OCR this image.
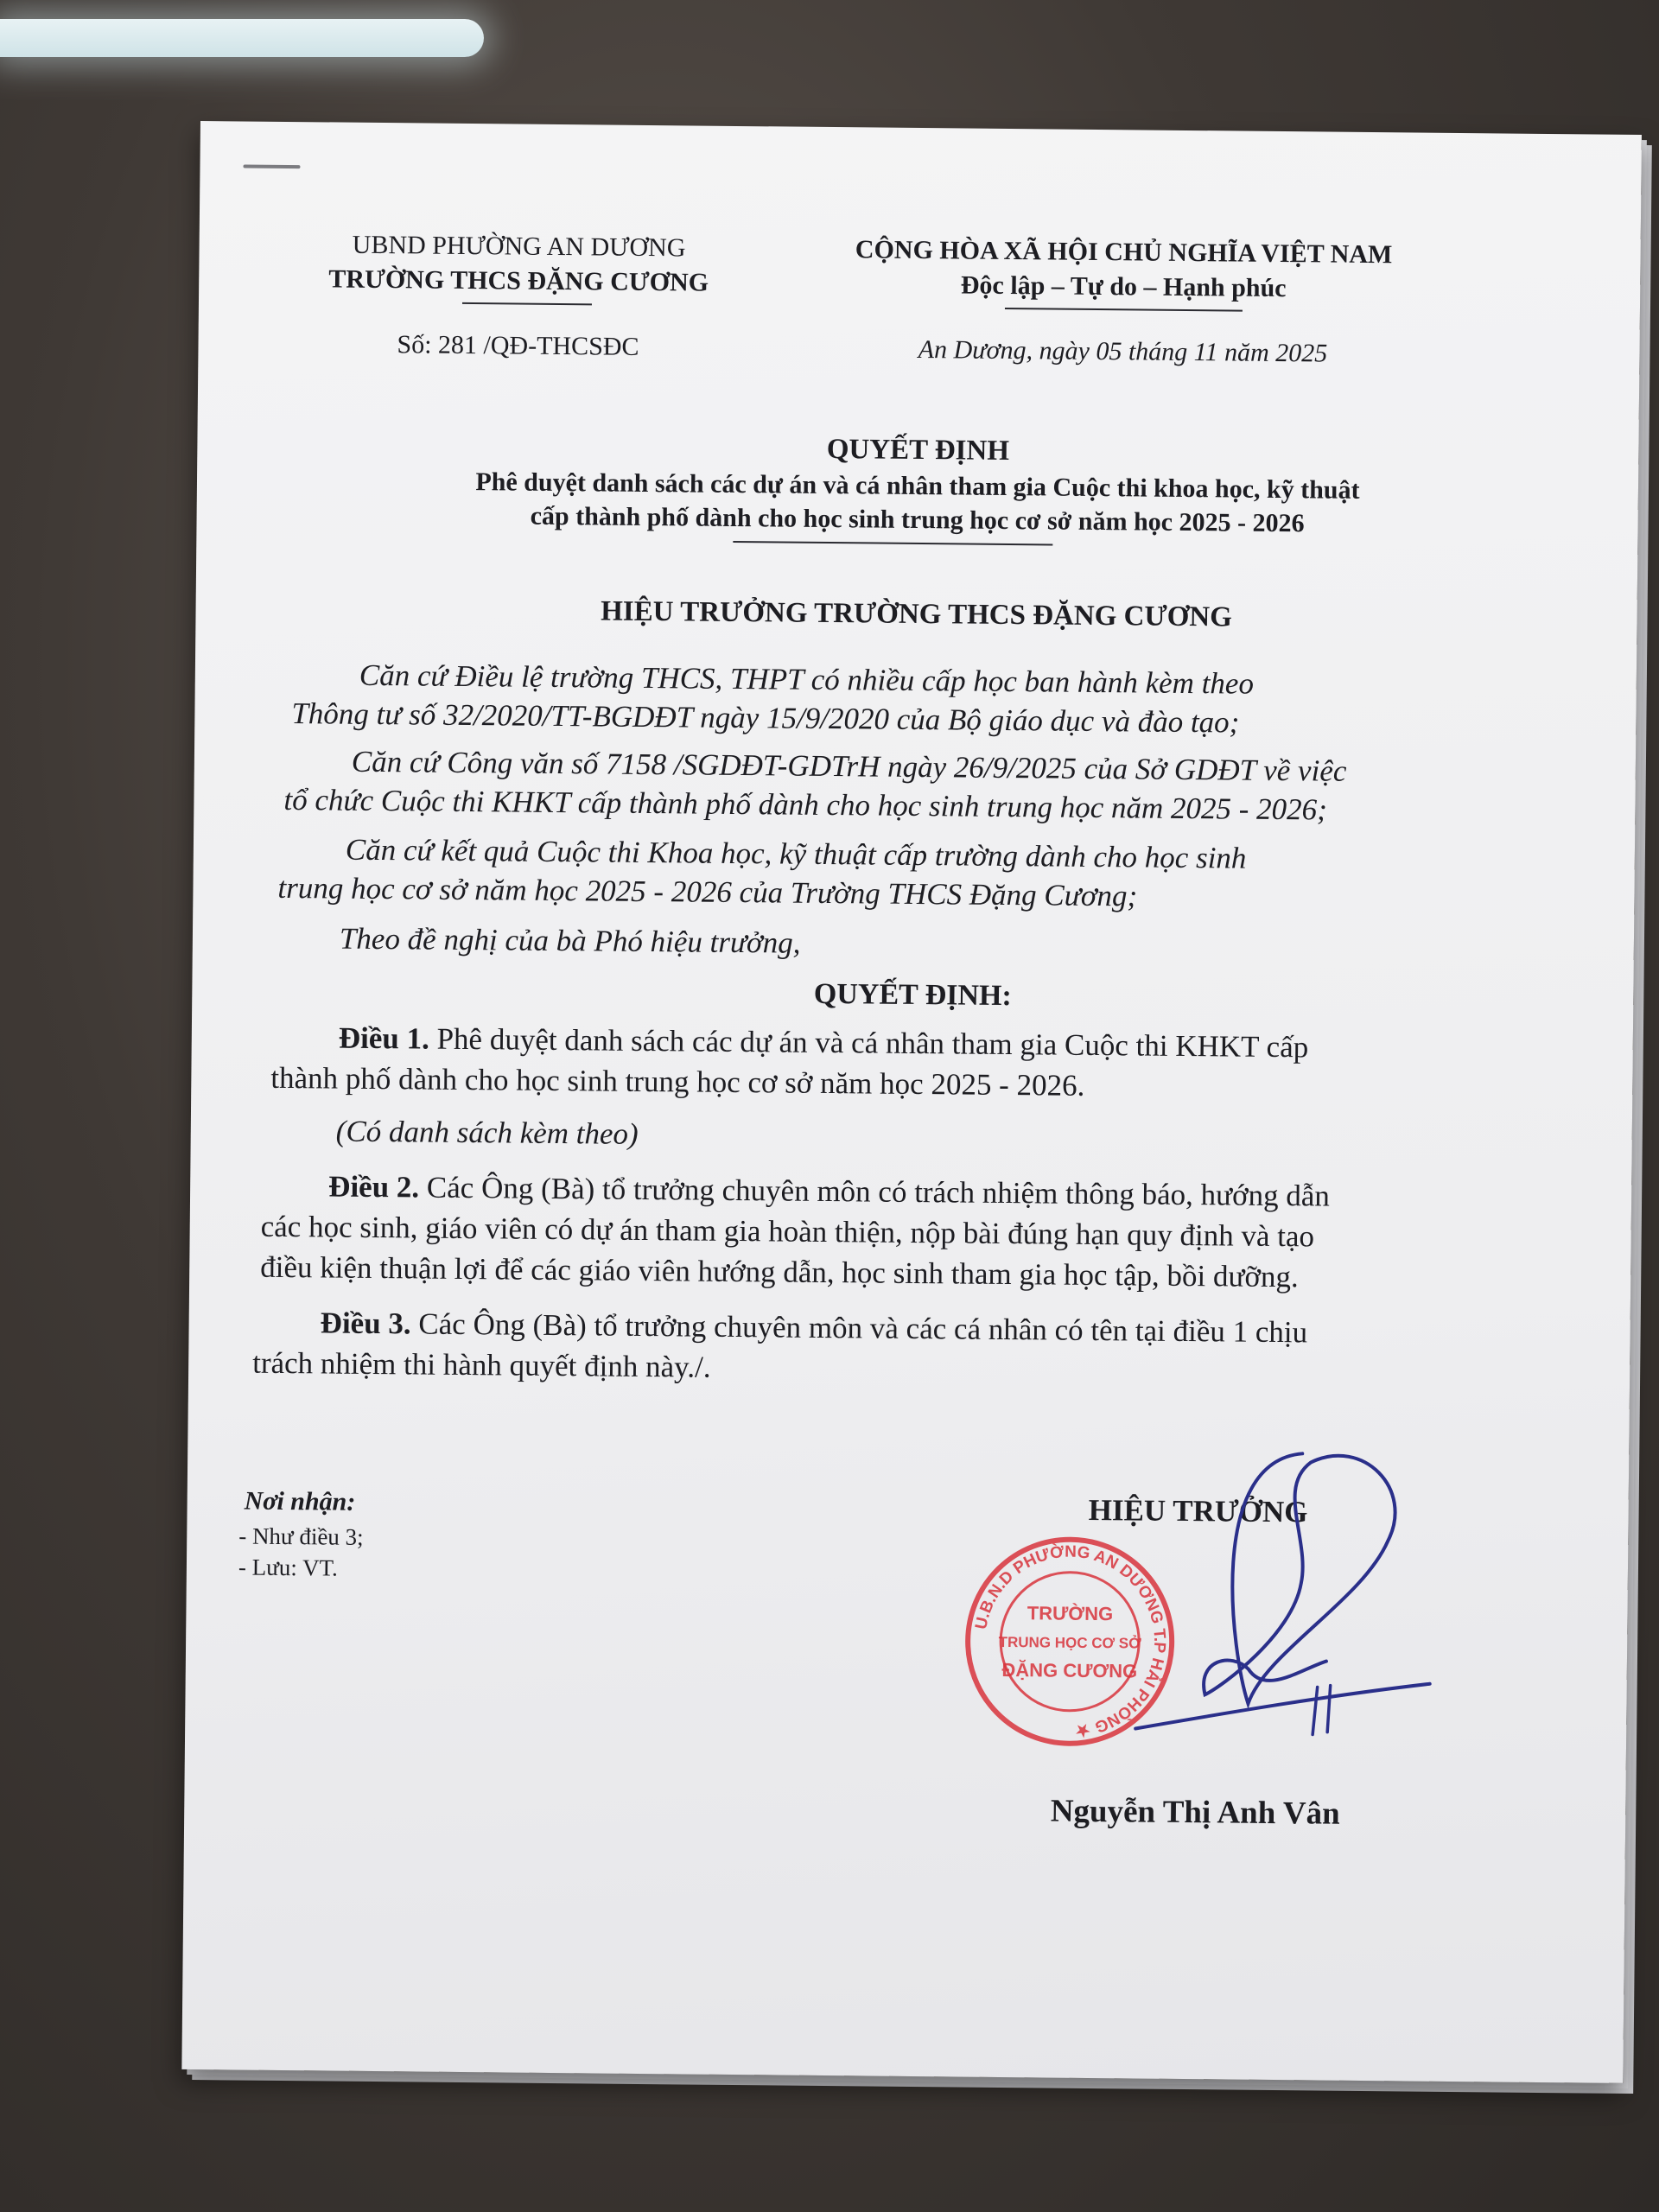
UBND PHƯỜNG AN DƯƠNG

TRƯỜNG THCS ĐẶNG CƯƠNG

Số: 281 /QĐ-THCSĐC

CỘNG HÒA XÃ HỘI CHỦ NGHĨA VIỆT NAM

Độc lập – Tự do – Hạnh phúc

An Dương, ngày 05 tháng 11 năm 2025

QUYẾT ĐỊNH

Phê duyệt danh sách các dự án và cá nhân tham gia Cuộc thi khoa học, kỹ thuật

cấp thành phố dành cho học sinh trung học cơ sở năm học 2025 - 2026

HIỆU TRƯỞNG TRƯỜNG THCS ĐẶNG CƯƠNG

Căn cứ Điều lệ trường THCS, THPT có nhiều cấp học ban hành kèm theo

Thông tư số 32/2020/TT-BGDĐT ngày 15/9/2020 của Bộ giáo dục và đào tạo;

Căn cứ Công văn số 7158 /SGDĐT-GDTrH ngày 26/9/2025 của Sở GDĐT về việc

tổ chức Cuộc thi KHKT cấp thành phố dành cho học sinh trung học năm 2025 - 2026;

Căn cứ kết quả Cuộc thi Khoa học, kỹ thuật cấp trường dành cho học sinh

trung học cơ sở năm học 2025 - 2026 của Trường THCS Đặng Cương;

Theo đề nghị của bà Phó hiệu trưởng,

QUYẾT ĐỊNH:

Điều 1. Phê duyệt danh sách các dự án và cá nhân tham gia Cuộc thi KHKT cấp

thành phố dành cho học sinh trung học cơ sở năm học 2025 - 2026.

(Có danh sách kèm theo)

Điều 2. Các Ông (Bà) tổ trưởng chuyên môn có trách nhiệm thông báo, hướng dẫn

các học sinh, giáo viên có dự án tham gia hoàn thiện, nộp bài đúng hạn quy định và tạo

điều kiện thuận lợi để các giáo viên hướng dẫn, học sinh tham gia học tập, bồi dưỡng.

Điều 3. Các Ông (Bà) tổ trưởng chuyên môn và các cá nhân có tên tại điều 1 chịu

trách nhiệm thi hành quyết định này./.

Nơi nhận:

- Như điều 3;

- Lưu: VT.

HIỆU TRƯỞNG

U.B.N.D PHƯỜNG AN DƯƠNG T.P HẢI PHÒNG ★
TRƯỜNG
TRUNG HỌC CƠ SỞ
ĐẶNG CƯƠNG

Nguyễn Thị Anh Vân
